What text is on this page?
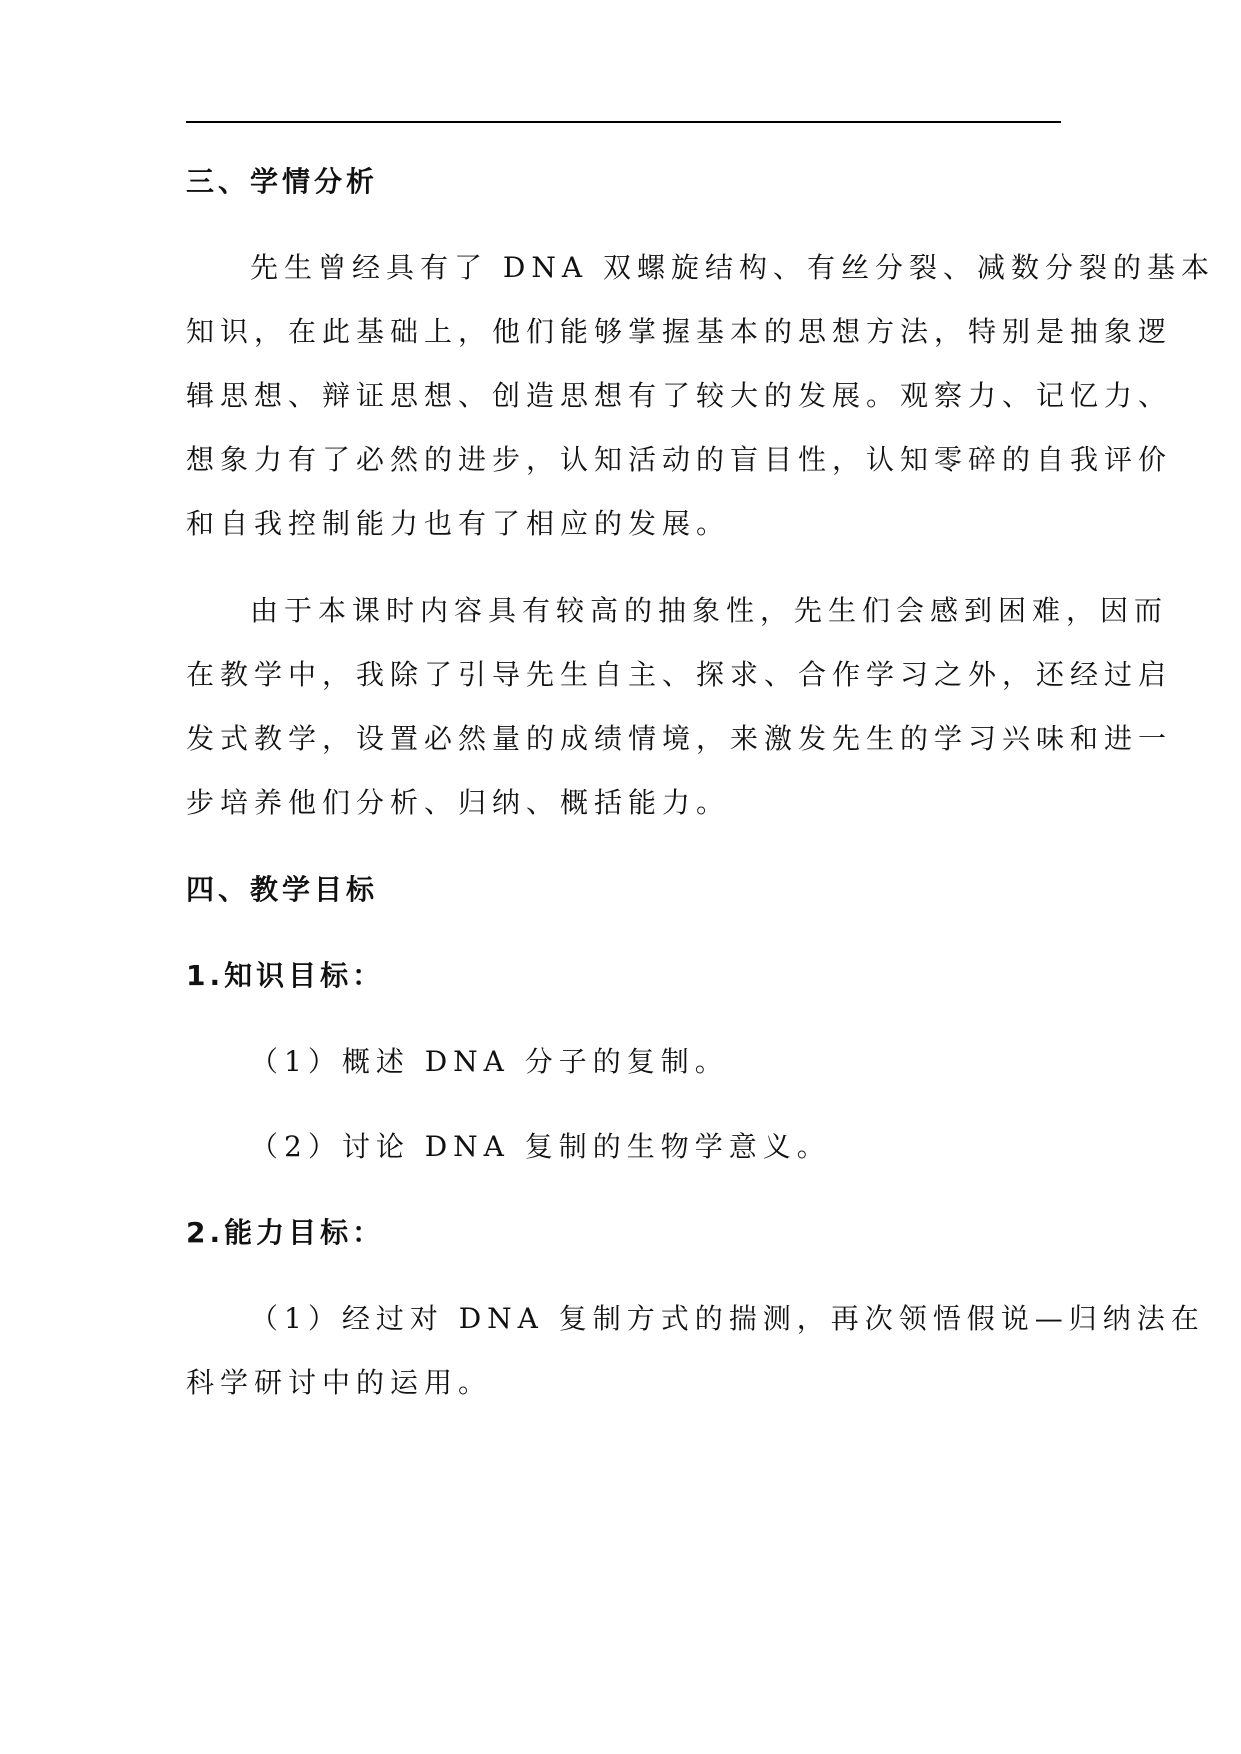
三、学情分析
先生曾经具有了 DNA 双螺旋结构、有丝分裂、减数分裂的基本
知识，在此基础上，他们能够掌握基本的思想方法，特别是抽象逻
辑思想、辩证思想、创造思想有了较大的发展。观察力、记忆力、
想象力有了必然的进步，认知活动的盲目性，认知零碎的自我评价
和自我控制能力也有了相应的发展。
由于本课时内容具有较高的抽象性，先生们会感到困难，因而
在教学中，我除了引导先生自主、探求、合作学习之外，还经过启
发式教学，设置必然量的成绩情境，来激发先生的学习兴味和进一
步培养他们分析、归纳、概括能力。
四、教学目标
1.知识目标：
（1）概述 DNA 分子的复制。
（2）讨论 DNA 复制的生物学意义。
2.能力目标：
（1）经过对 DNA 复制方式的揣测，再次领悟假说—归纳法在
科学研讨中的运用。
